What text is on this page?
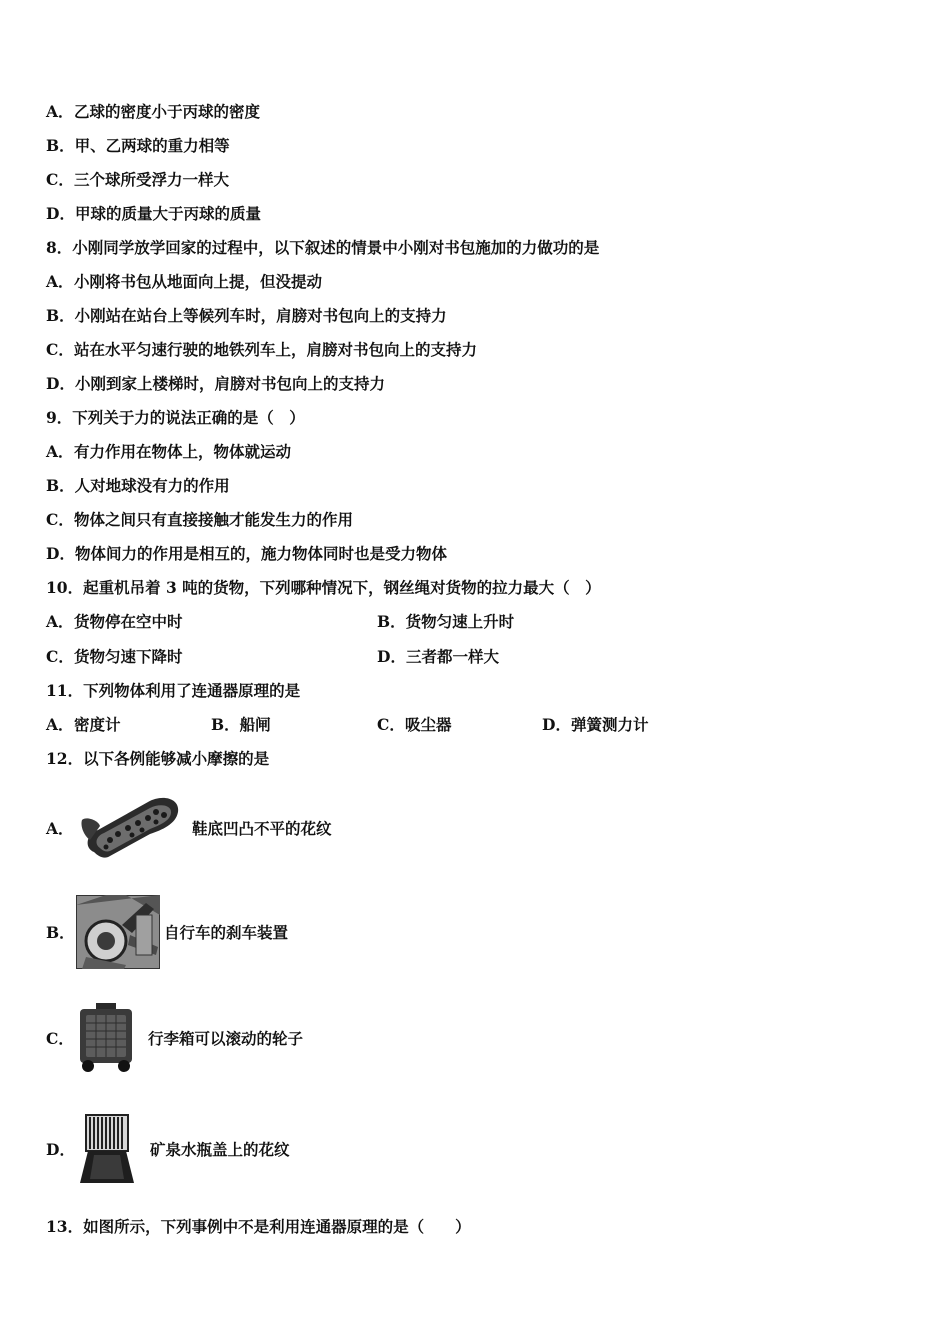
A．乙球的密度小于丙球的密度
B．甲、乙两球的重力相等
C．三个球所受浮力一样大
D．甲球的质量大于丙球的质量
8．小刚同学放学回家的过程中，以下叙述的情景中小刚对书包施加的力做功的是
A．小刚将书包从地面向上提，但没提动
B．小刚站在站台上等候列车时，肩膀对书包向上的支持力
C．站在水平匀速行驶的地铁列车上，肩膀对书包向上的支持力
D．小刚到家上楼梯时，肩膀对书包向上的支持力
9．下列关于力的说法正确的是（　）
A．有力作用在物体上，物体就运动
B．人对地球没有力的作用
C．物体之间只有直接接触才能发生力的作用
D．物体间力的作用是相互的，施力物体同时也是受力物体
10．起重机吊着 3 吨的货物，下列哪种情况下，钢丝绳对货物的拉力最大（　）
A．货物停在空中时	B．货物匀速上升时
C．货物匀速下降时	D．三者都一样大
11．下列物体利用了连通器原理的是
A．密度计	B．船闸	C．吸尘器	D．弹簧测力计
12．以下各例能够减小摩擦的是
A．	鞋底凹凸不平的花纹
B．	自行车的刹车装置
C．	行李箱可以滚动的轮子
D．	矿泉水瓶盖上的花纹
13．如图所示，下列事例中不是利用连通器原理的是（　　）
